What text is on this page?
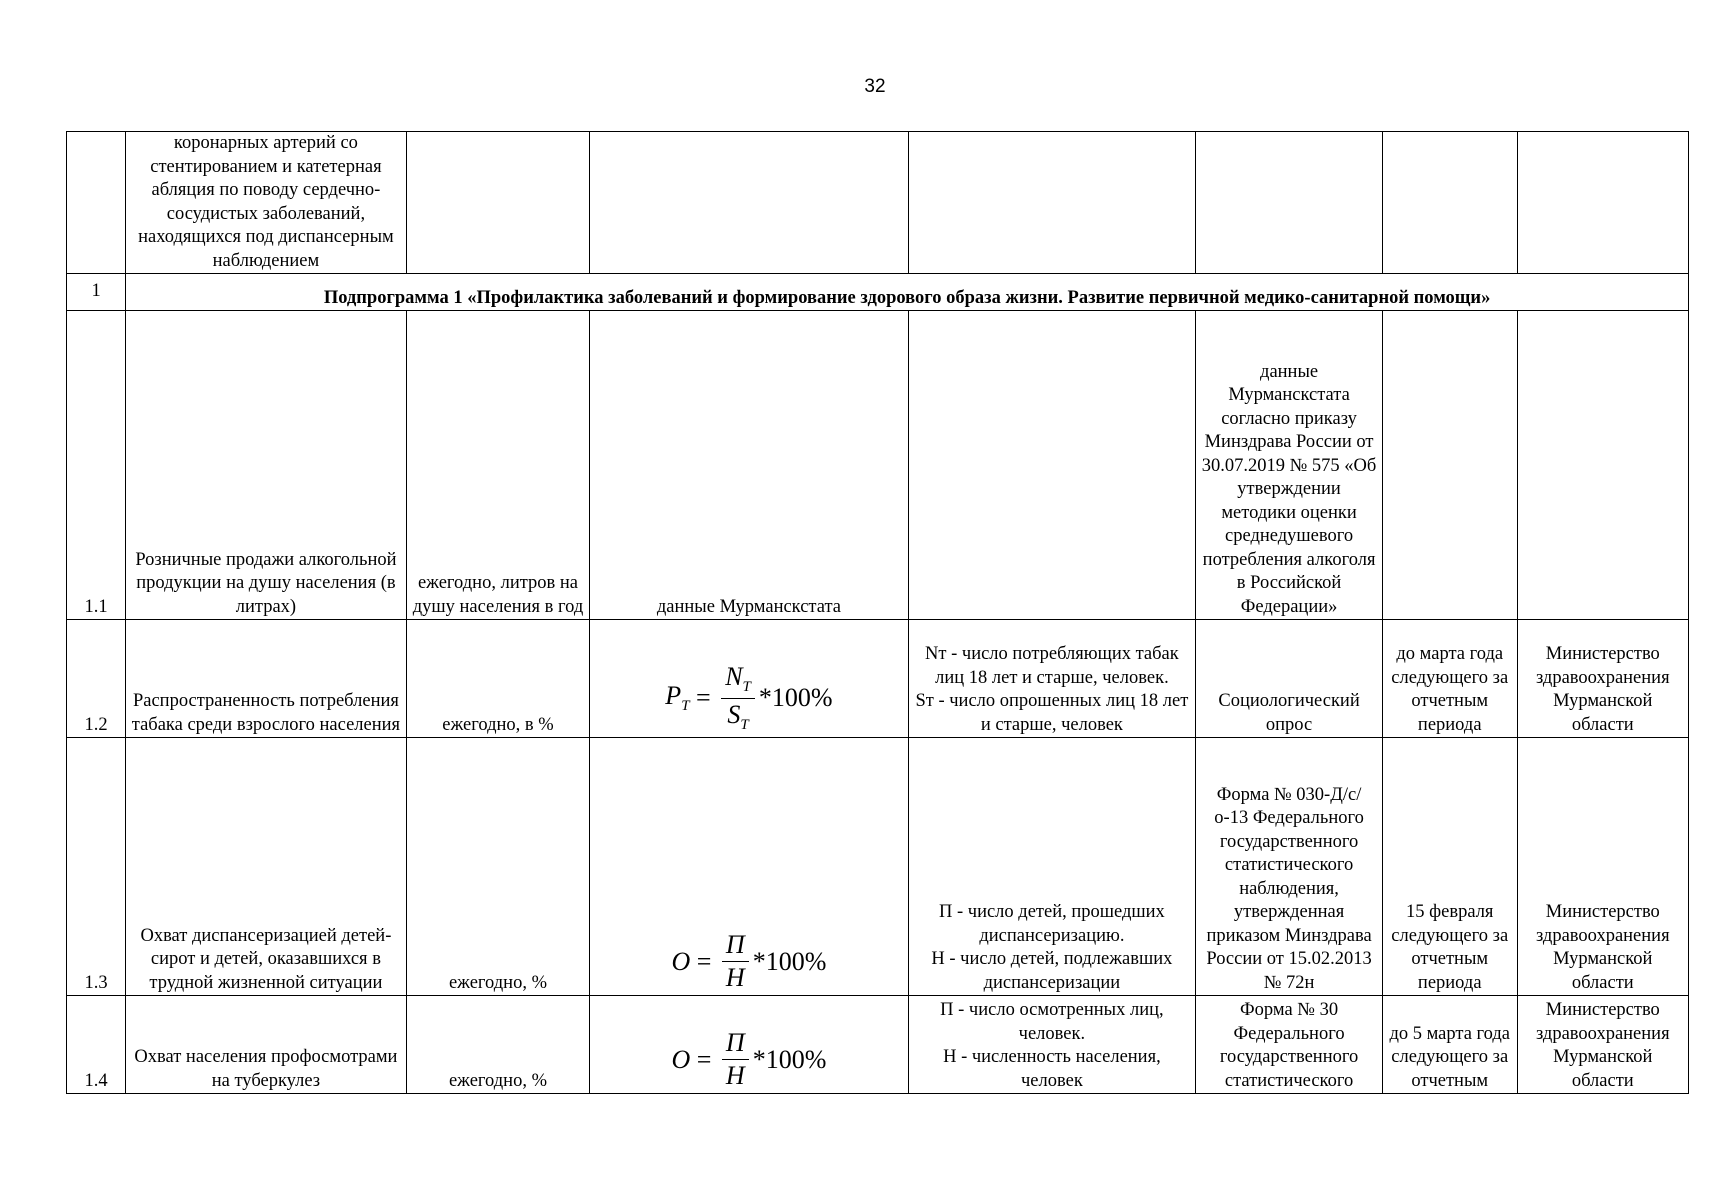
32
	коронарных артерий со стентированием и катетерная абляция по поводу сердечно-сосудистых заболеваний, находящихся под диспансерным наблюдением						
1	Подпрограмма 1 «Профилактика заболеваний и формирование здорового образа жизни. Развитие первичной медико-санитарной помощи»						
1.1	Розничные продажи алкогольной продукции на душу населения (в литрах)	ежегодно, литров на душу населения в год	данные Мурманскстата		данные Мурманскстата согласно приказу Минздрава России от 30.07.2019 № 575 «Об утверждении методики оценки среднедушевого потребления алкоголя в Российской Федерации»		
1.2	Распространенность потребления табака среди взрослого населения	ежегодно, в %	$P_T = \frac{N_T}{S_T} *100\%$	Nт - число потребляющих табак лиц 18 лет и старше, человек.
Sт - число опрошенных лиц 18 лет и старше, человек	Социологический опрос	до марта года следующего за отчетным периода	Министерство здравоохранения Мурманской области
1.3	Охват диспансеризацией детей-сирот и детей, оказавшихся в трудной жизненной ситуации	ежегодно, %	$O = \frac{П}{Н} *100\%$	П - число детей, прошедших диспансеризацию.
Н - число детей, подлежавших диспансеризации	Форма № 030-Д/с/о-13 Федерального государственного статистического наблюдения, утвержденная приказом Минздрава России от 15.02.2013 № 72н	15 февраля следующего за отчетным периода	Министерство здравоохранения Мурманской области
1.4	Охват населения профосмотрами на туберкулез	ежегодно, %	$O = \frac{П}{Н} *100\%$	П - число осмотренных лиц, человек.
Н - численность населения, человек	Форма № 30 Федерального государственного статистического	до 5 марта года следующего за отчетным	Министерство здравоохранения Мурманской области
